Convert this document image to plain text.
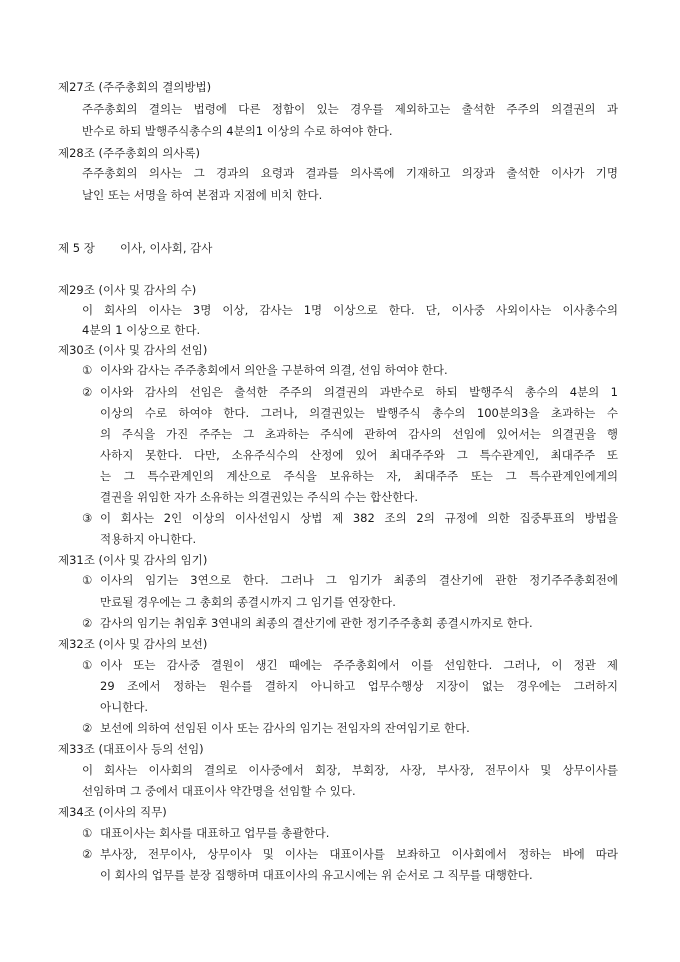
제27조 (주주총회의 결의방법)
주주총회의 결의는 법령에 다른 정함이 있는 경우를 제외하고는 출석한 주주의 의결권의 과
반수로 하되 발행주식총수의 4분의1 이상의 수로 하여야 한다.
제28조 (주주총회의 의사록)
주주총회의 의사는 그 경과의 요령과 결과를 의사록에 기재하고 의장과 출석한 이사가 기명
날인 또는 서명을 하여 본점과 지점에 비치 한다.
제 5 장 이사, 이사회, 감사
제29조 (이사 및 감사의 수)
이 회사의 이사는 3명 이상, 감사는 1명 이상으로 한다. 단, 이사중 사외이사는 이사총수의
4분의 1 이상으로 한다.
제30조 (이사 및 감사의 선임)
① 이사와 감사는 주주총회에서 의안을 구분하여 의결, 선임 하여야 한다.
② 이사와 감사의 선임은 출석한 주주의 의결권의 과반수로 하되 발행주식 총수의 4분의 1
이상의 수로 하여야 한다. 그러나, 의결권있는 발행주식 총수의 100분의3을 초과하는 수
의 주식을 가진 주주는 그 초과하는 주식에 관하여 감사의 선임에 있어서는 의결권을 행
사하지 못한다. 다만, 소유주식수의 산정에 있어 최대주주와 그 특수관계인, 최대주주 또
는 그 특수관계인의 계산으로 주식을 보유하는 자, 최대주주 또는 그 특수관계인에게의
결권을 위임한 자가 소유하는 의결권있는 주식의 수는 합산한다.
③ 이 회사는 2인 이상의 이사선임시 상법 제 382 조의 2의 규정에 의한 집중투표의 방법을
적용하지 아니한다.
제31조 (이사 및 감사의 임기)
① 이사의 임기는 3연으로 한다. 그러나 그 임기가 최종의 결산기에 관한 정기주주총회전에
만료될 경우에는 그 총회의 종결시까지 그 임기를 연장한다.
② 감사의 임기는 취임후 3연내의 최종의 결산기에 관한 정기주주총회 종결시까지로 한다.
제32조 (이사 및 감사의 보선)
① 이사 또는 감사중 결원이 생긴 때에는 주주총회에서 이를 선임한다. 그러나, 이 정관 제
29 조에서 정하는 원수를 결하지 아니하고 업무수행상 지장이 없는 경우에는 그러하지
아니한다.
② 보선에 의하여 선임된 이사 또는 감사의 임기는 전임자의 잔여임기로 한다.
제33조 (대표이사 등의 선임)
이 회사는 이사회의 결의로 이사중에서 회장, 부회장, 사장, 부사장, 전무이사 및 상무이사를
선임하며 그 중에서 대표이사 약간명을 선임할 수 있다.
제34조 (이사의 직무)
① 대표이사는 회사를 대표하고 업무를 총괄한다.
② 부사장, 전무이사, 상무이사 및 이사는 대표이사를 보좌하고 이사회에서 정하는 바에 따라
이 회사의 업무를 분장 집행하며 대표이사의 유고시에는 위 순서로 그 직무를 대행한다.
